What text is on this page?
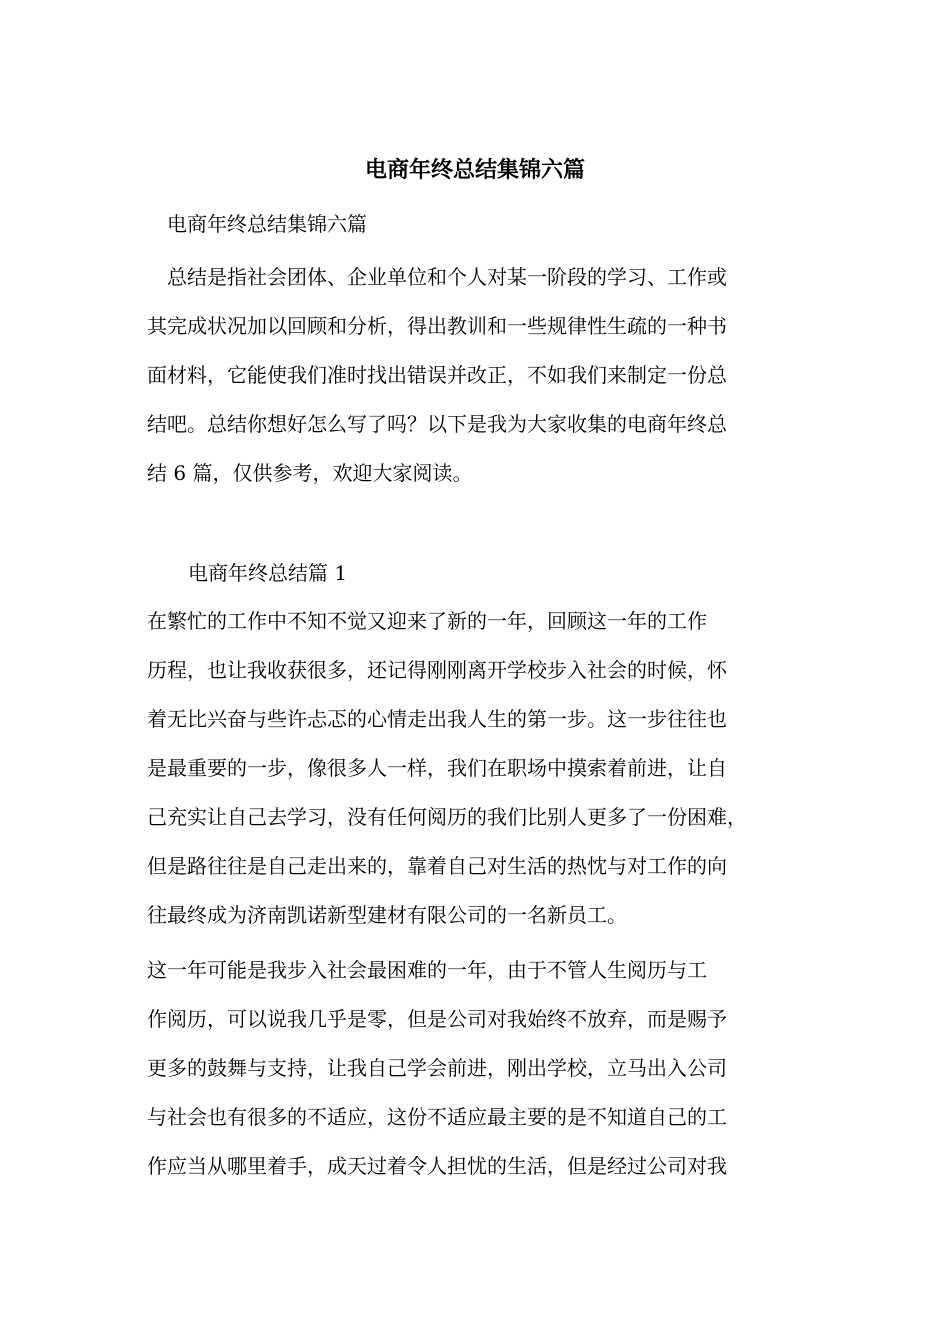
电商年终总结集锦六篇
电商年终总结集锦六篇
　总结是指社会团体、企业单位和个人对某一阶段的学习、工作或
其完成状况加以回顾和分析，得出教训和一些规律性生疏的一种书
面材料，它能使我们准时找出错误并改正，不如我们来制定一份总
结吧。总结你想好怎么写了吗？以下是我为大家收集的电商年终总
结 6 篇，仅供参考，欢迎大家阅读。
电商年终总结篇 1
在繁忙的工作中不知不觉又迎来了新的一年，回顾这一年的工作
历程，也让我收获很多，还记得刚刚离开学校步入社会的时候，怀
着无比兴奋与些许忐忑的心情走出我人生的第一步。这一步往往也
是最重要的一步，像很多人一样，我们在职场中摸索着前进，让自
己充实让自己去学习，没有任何阅历的我们比别人更多了一份困难，
但是路往往是自己走出来的，靠着自己对生活的热忱与对工作的向
往最终成为济南凯诺新型建材有限公司的一名新员工。
这一年可能是我步入社会最困难的一年，由于不管人生阅历与工
作阅历，可以说我几乎是零，但是公司对我始终不放弃，而是赐予
更多的鼓舞与支持，让我自己学会前进，刚出学校，立马出入公司
与社会也有很多的不适应，这份不适应最主要的是不知道自己的工
作应当从哪里着手，成天过着令人担忧的生活，但是经过公司对我
